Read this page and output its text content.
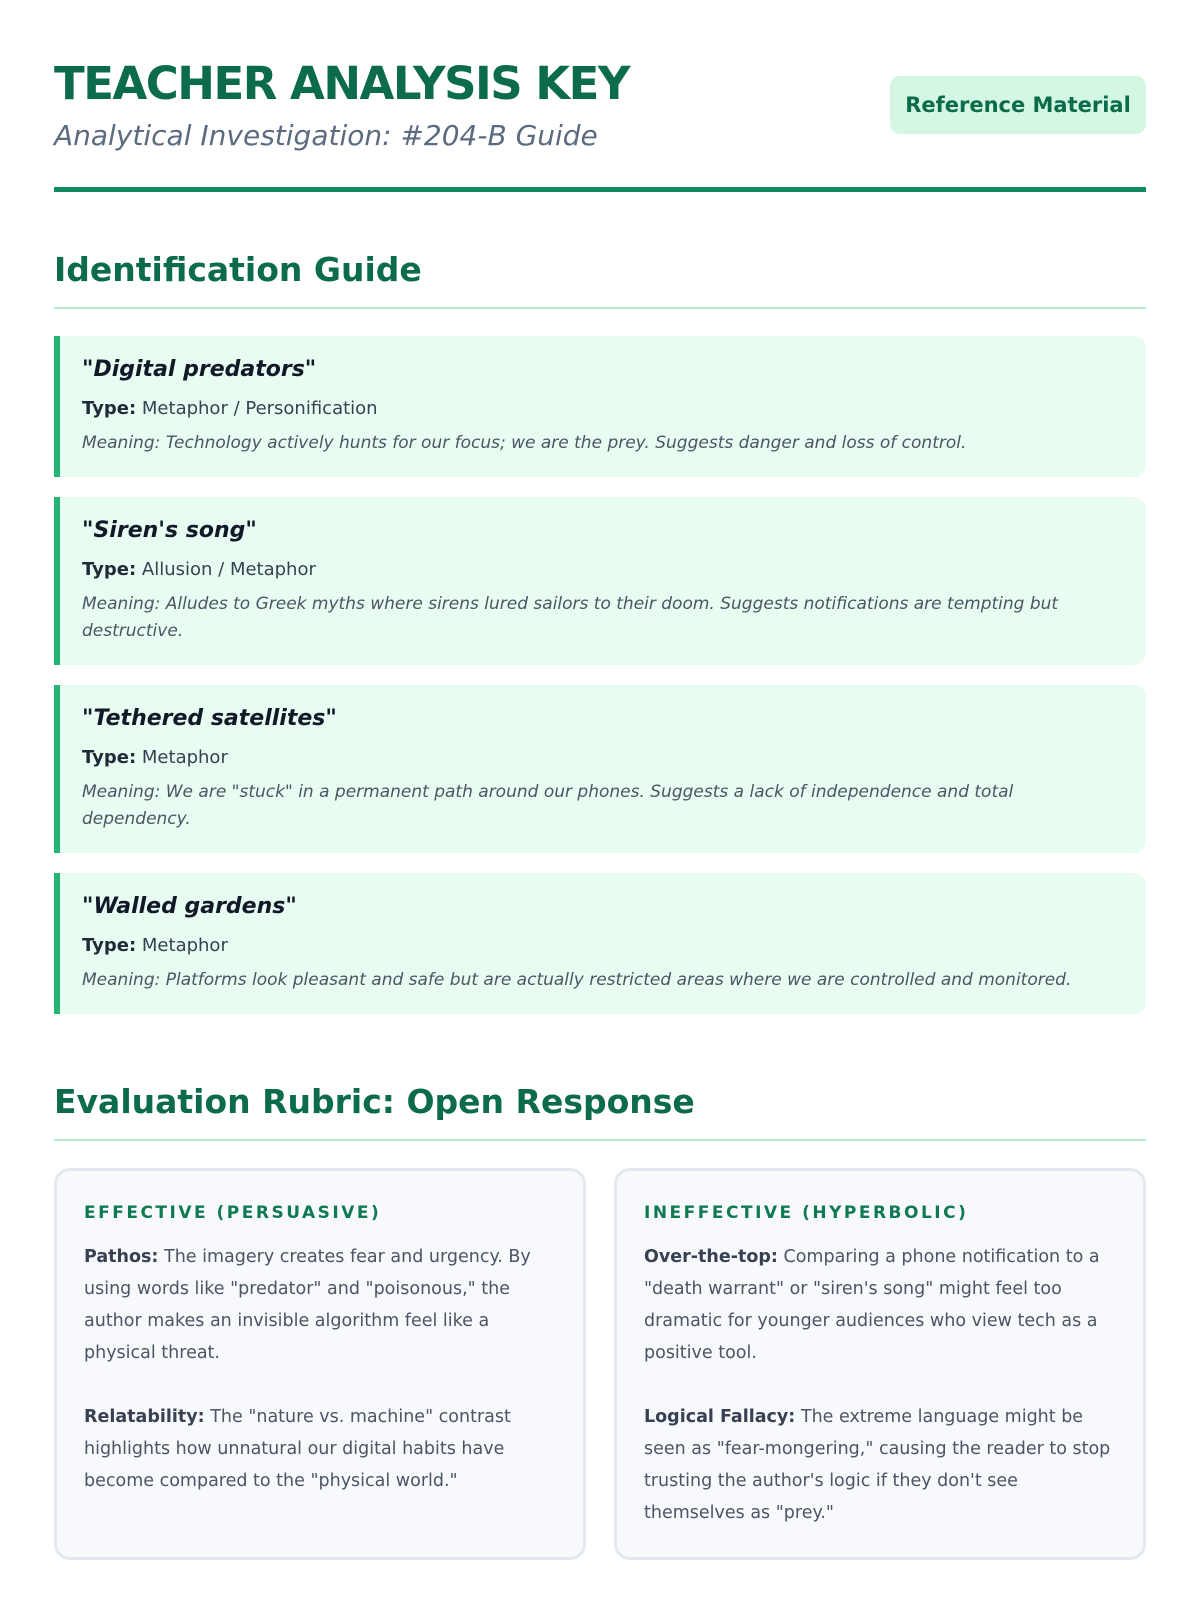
TEACHER ANALYSIS KEY

Analytical Investigation: #204-B Guide

Reference Material
Identification Guide

"Digital predators"

Type: Metaphor / Personification

Meaning: Technology actively hunts for our focus; we are the prey. Suggests danger and loss of control.

"Siren's song"

Type: Allusion / Metaphor

Meaning: Alludes to Greek myths where sirens lured sailors to their doom. Suggests notifications are tempting but destructive.

"Tethered satellites"

Type: Metaphor

Meaning: We are "stuck" in a permanent path around our phones. Suggests a lack of independence and total dependency.

"Walled gardens"

Type: Metaphor

Meaning: Platforms look pleasant and safe but are actually restricted areas where we are controlled and monitored.

Evaluation Rubric: Open Response
EFFECTIVE (PERSUASIVE)

Pathos: The imagery creates fear and urgency. By using words like "predator" and "poisonous," the author makes an invisible algorithm feel like a physical threat.

Relatability: The "nature vs. machine" contrast highlights how unnatural our digital habits have become compared to the "physical world."

INEFFECTIVE (HYPERBOLIC)

Over-the-top: Comparing a phone notification to a "death warrant" or "siren's song" might feel too dramatic for younger audiences who view tech as a positive tool.

Logical Fallacy: The extreme language might be seen as "fear-mongering," causing the reader to stop trusting the author's logic if they don't see themselves as "prey."
